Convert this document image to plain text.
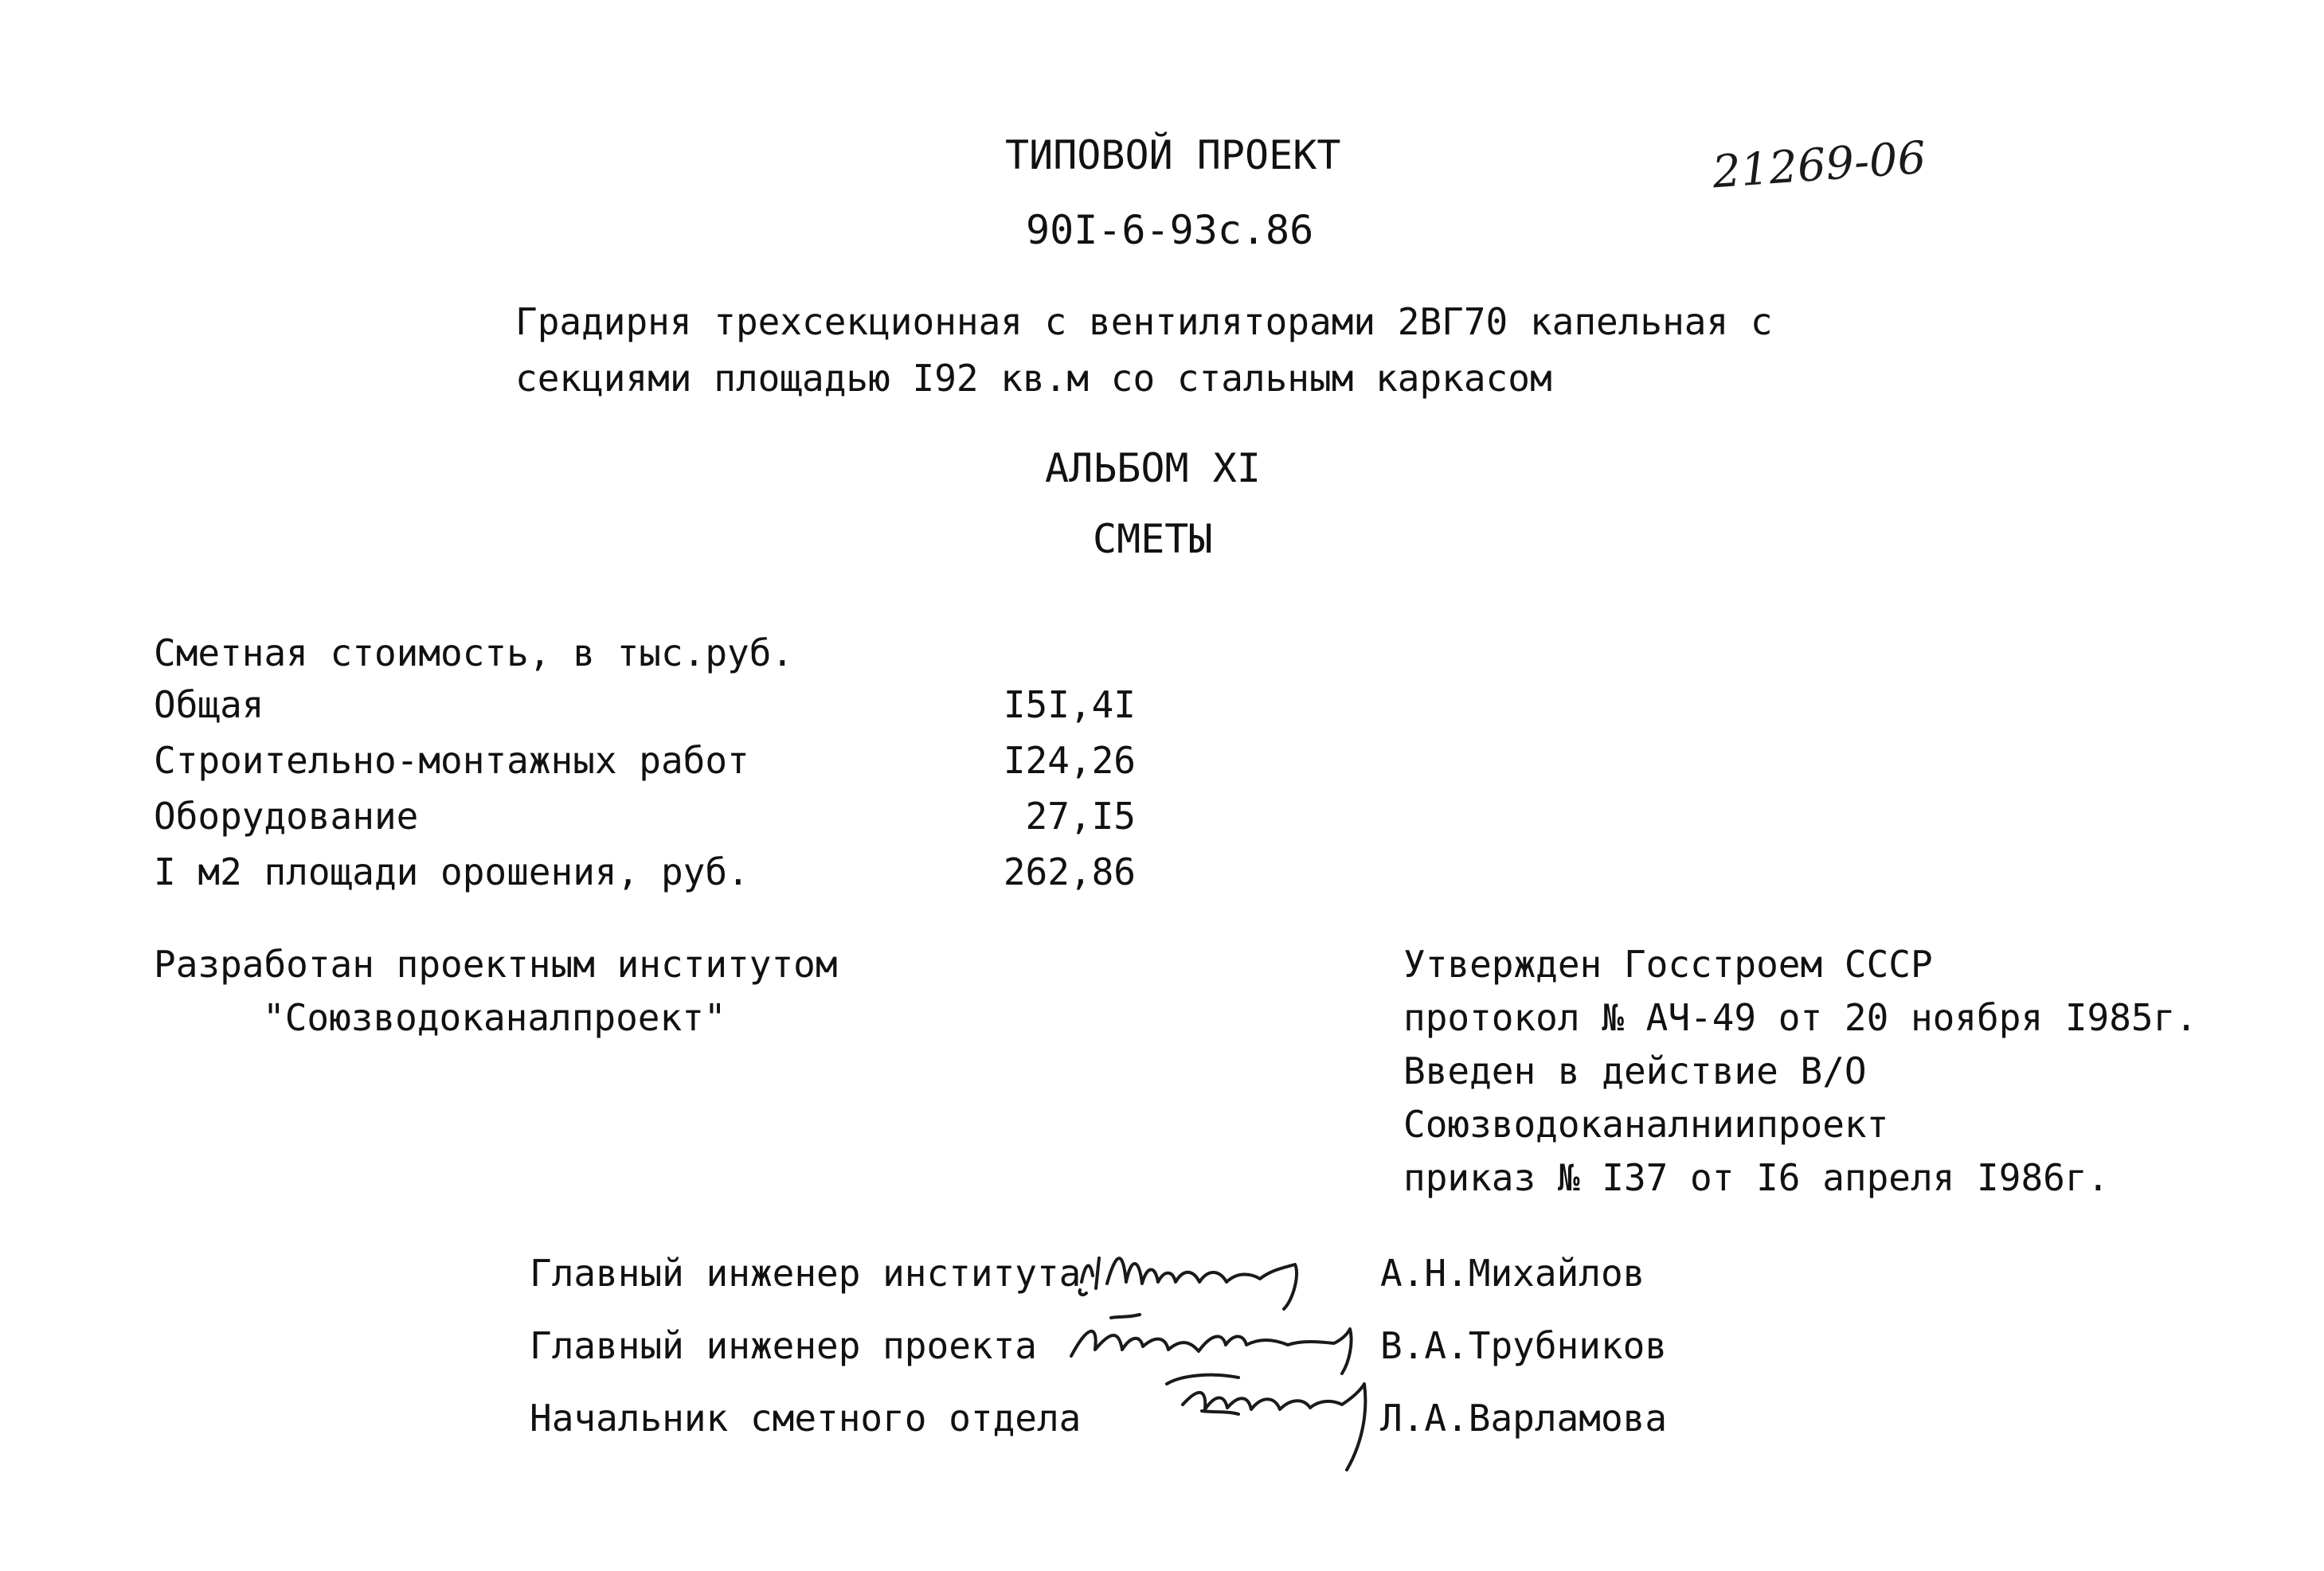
ТИПОВОЙ ПРОЕКТ
90I-6-93с.86
21269-06
Градирня трехсекционная с вентиляторами 2ВГ70 капельная с
секциями площадью I92 кв.м со стальным каркасом
АЛЬБОМ XI
СМЕТЫ
Сметная стоимость, в тыс.руб.
Общая	I5I,4I
Строительно-монтажных работ	I24,26
Оборудование	27,I5
I м2 площади орошения, руб.	262,86
Разработан проектным институтом
"Союзводоканалпроект"
Утвержден Госстроем СССР
протокол № АЧ-49 от 20 ноября I985г.
Введен в действие В/О
Союзводоканалниипроект
приказ № I37 от I6 апреля I986г.
Главный инженер института	А.Н.Михайлов
Главный инженер проекта	В.А.Трубников
Начальник сметного отдела	Л.А.Варламова
